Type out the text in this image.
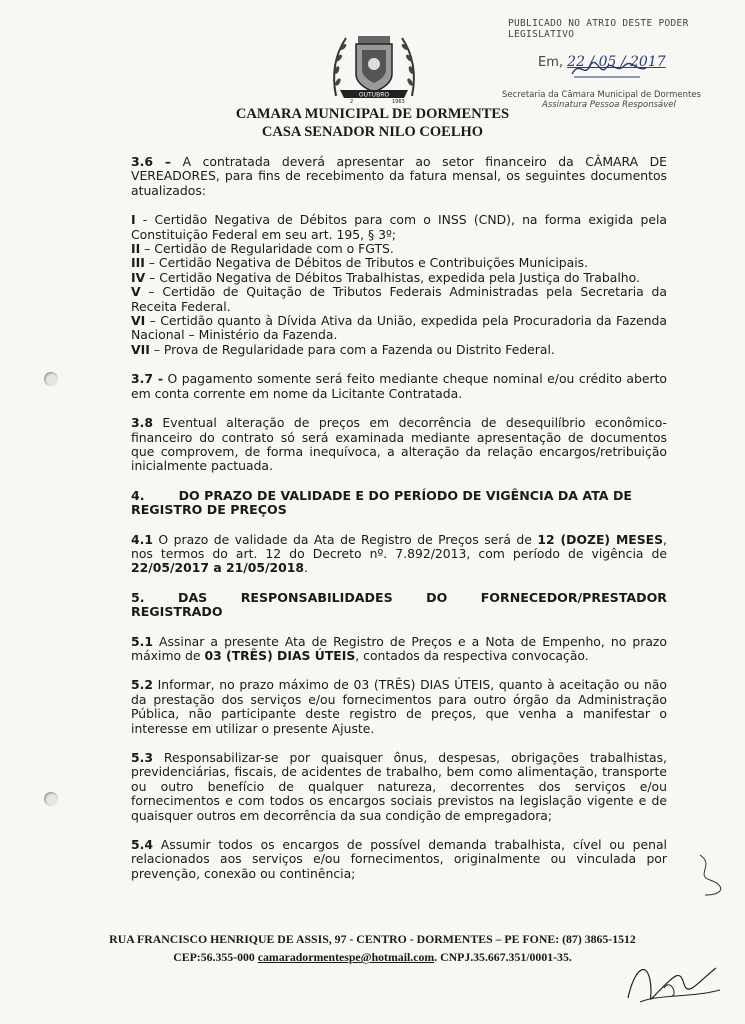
OUTUBRO
2	1963
PUBLICADO NO ATRIO DESTE PODER LEGISLATIVO
Em, 22 / 05 / 2017
Secretaria da Câmara Municipal de Dormentes
Assinatura Pessoa Responsável
CAMARA MUNICIPAL DE DORMENTES
CASA SENADOR NILO COELHO

3.6 – A contratada deverá apresentar ao setor financeiro da CÂMARA DE VEREADORES, para fins de recebimento da fatura mensal, os seguintes documentos atualizados:

I - Certidão Negativa de Débitos para com o INSS (CND), na forma exigida pela Constituição Federal em seu art. 195, § 3º;

II – Certidão de Regularidade com o FGTS.

III – Certidão Negativa de Débitos de Tributos e Contribuições Municipais.

IV – Certidão Negativa de Débitos Trabalhistas, expedida pela Justiça do Trabalho.

V – Certidão de Quitação de Tributos Federais Administradas pela Secretaria da Receita Federal.

VI – Certidão quanto à Dívida Ativa da União, expedida pela Procuradoria da Fazenda Nacional – Ministério da Fazenda.

VII – Prova de Regularidade para com a Fazenda ou Distrito Federal.

3.7 - O pagamento somente será feito mediante cheque nominal e/ou crédito aberto em conta corrente em nome da Licitante Contratada.

3.8 Eventual alteração de preços em decorrência de desequilíbrio econômico-financeiro do contrato só será examinada mediante apresentação de documentos que comprovem, de forma inequívoca, a alteração da relação encargos/retribuição inicialmente pactuada.

4.	DO PRAZO DE VALIDADE E DO PERÍODO DE VIGÊNCIA DA ATA DE
REGISTRO DE PREÇOS

4.1 O prazo de validade da Ata de Registro de Preços será de 12 (DOZE) MESES, nos termos do art. 12 do Decreto nº. 7.892/2013, com período de vigência de 22/05/2017 a 21/05/2018.

5.	DAS	RESPONSABILIDADES	DO	FORNECEDOR/PRESTADOR
REGISTRADO

5.1 Assinar a presente Ata de Registro de Preços e a Nota de Empenho, no prazo máximo de 03 (TRÊS) DIAS ÚTEIS, contados da respectiva convocação.

5.2 Informar, no prazo máximo de 03 (TRÊS) DIAS ÚTEIS, quanto à aceitação ou não da prestação dos serviços e/ou fornecimentos para outro órgão da Administração Pública, não participante deste registro de preços, que venha a manifestar o interesse em utilizar o presente Ajuste.

5.3 Responsabilizar-se por quaisquer ônus, despesas, obrigações trabalhistas, previdenciárias, fiscais, de acidentes de trabalho, bem como alimentação, transporte ou outro benefício de qualquer natureza, decorrentes dos serviços e/ou fornecimentos e com todos os encargos sociais previstos na legislação vigente e de quaisquer outros em decorrência da sua condição de empregadora;

5.4 Assumir todos os encargos de possível demanda trabalhista, cível ou penal relacionados aos serviços e/ou fornecimentos, originalmente ou vinculada por prevenção, conexão ou continência;

RUA FRANCISCO HENRIQUE DE ASSIS, 97 - CENTRO - DORMENTES – PE FONE: (87) 3865-1512
CEP:56.355-000 camaradormentespe@hotmail.com. CNPJ.35.667.351/0001-35.
